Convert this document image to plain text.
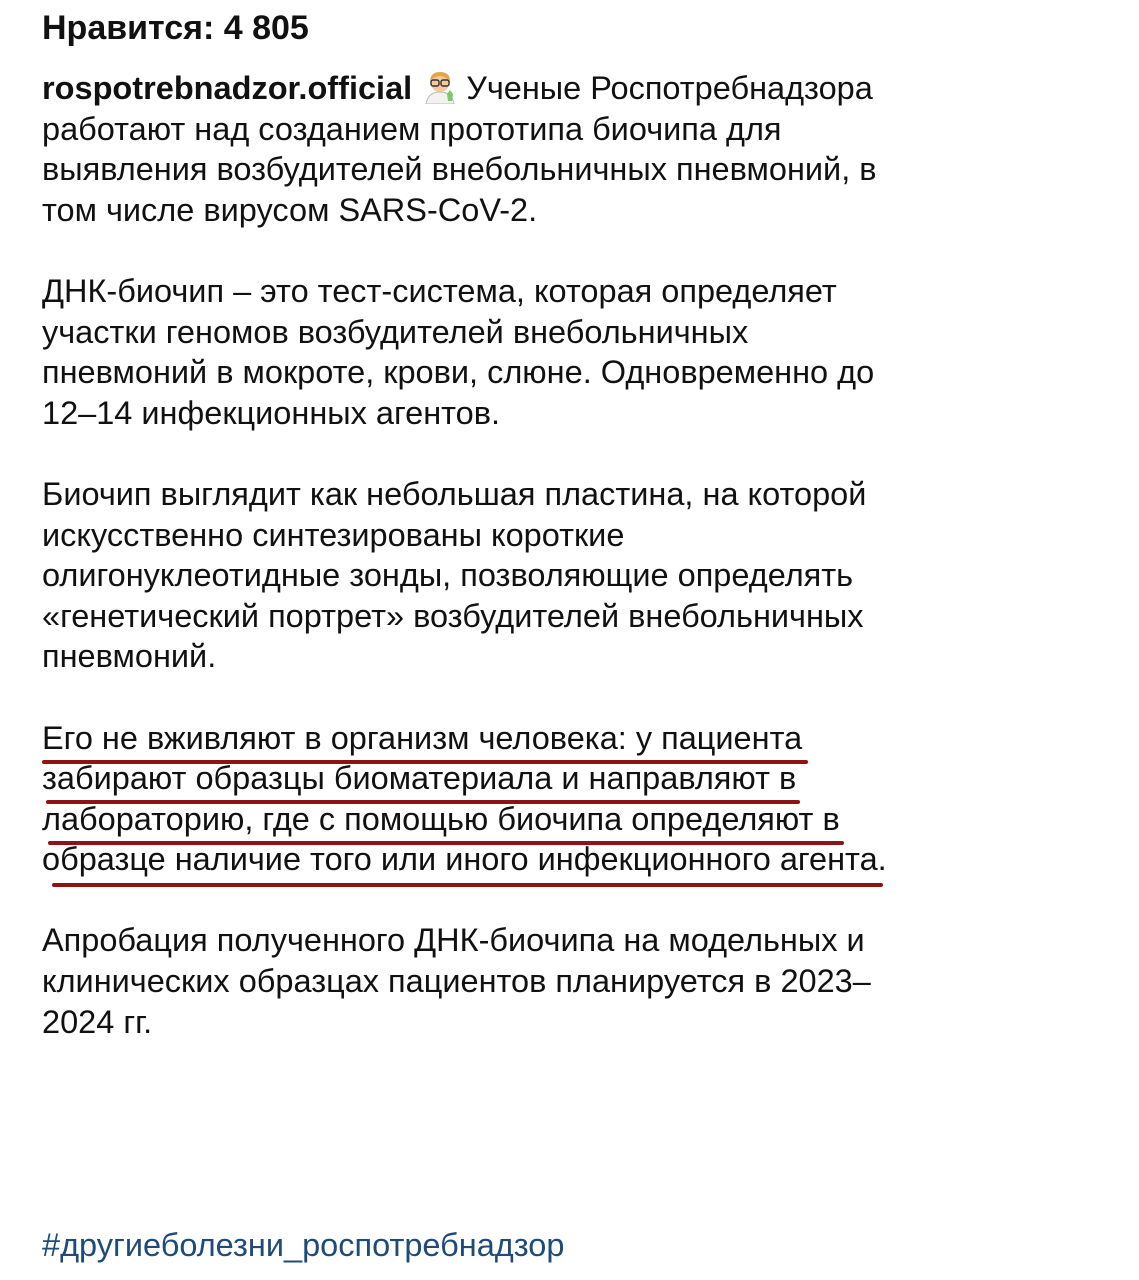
Нравится: 4 805

rospotrebnadzor.official Ученые Роспотребнадзора
работают над созданием прототипа биочипа для
выявления возбудителей внебольничных пневмоний, в
том числе вирусом SARS-CoV-2.

ДНК-биочип – это тест-система, которая определяет
участки геномов возбудителей внебольничных
пневмоний в мокроте, крови, слюне. Одновременно до
12–14 инфекционных агентов.

Биочип выглядит как небольшая пластина, на которой
искусственно синтезированы короткие
олигонуклеотидные зонды, позволяющие определять
«генетический портрет» возбудителей внебольничных
пневмоний.

Его не вживляют в организм человека: у пациента
забирают образцы биоматериала и направляют в
лабораторию, где с помощью биочипа определяют в
образце наличие того или иного инфекционного агента.

Апробация полученного ДНК-биочипа на модельных и
клинических образцах пациентов планируется в 2023–
2024 гг.

#другиеболезни_роспотребнадзор
